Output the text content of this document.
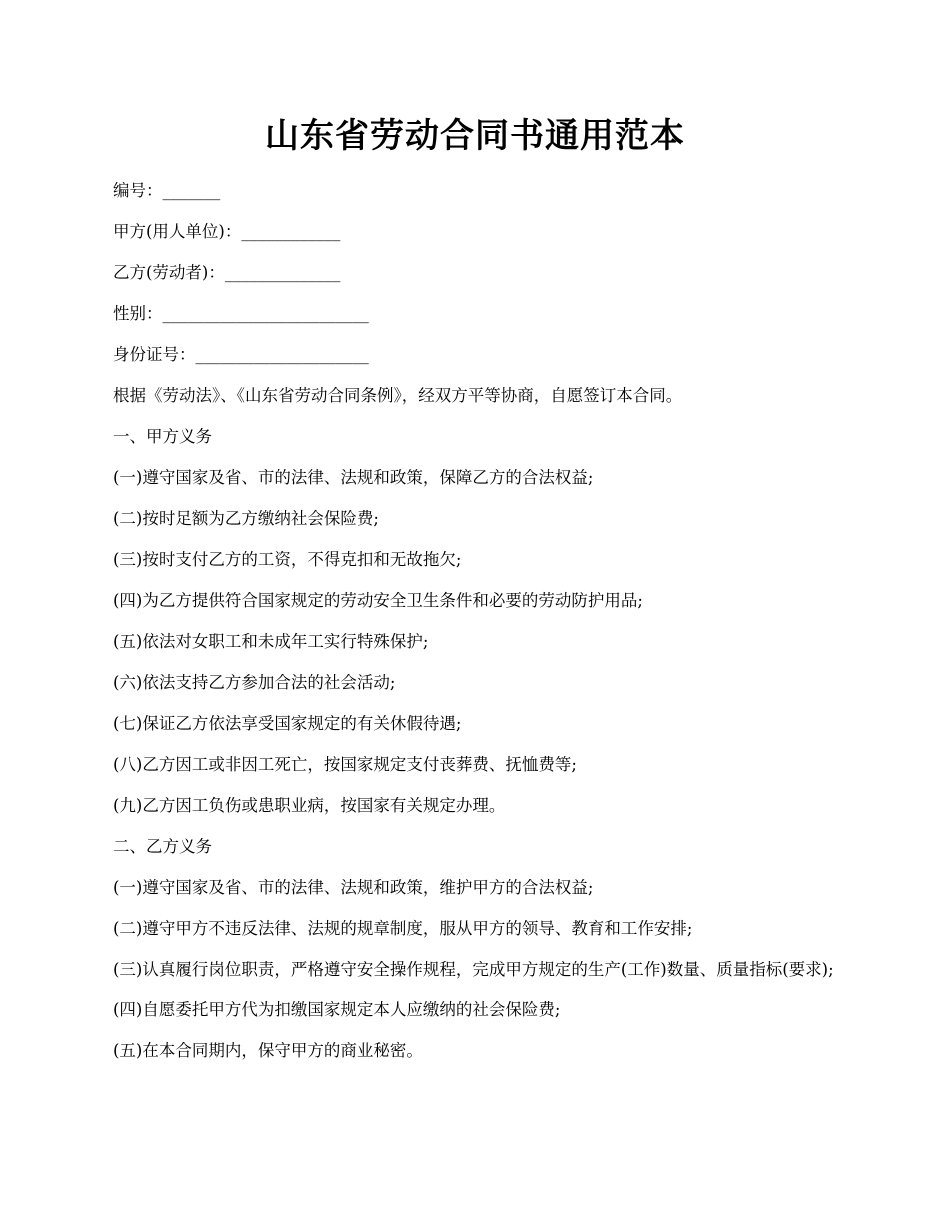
山东省劳动合同书通用范本

编号： _______

甲方(用人单位)： ____________

乙方(劳动者)： ______________

性别： _________________________

身份证号： _____________________

根据《劳动法》、《山东省劳动合同条例》，经双方平等协商，自愿签订本合同。

一、甲方义务

(一)遵守国家及省、市的法律、法规和政策，保障乙方的合法权益;

(二)按时足额为乙方缴纳社会保险费;

(三)按时支付乙方的工资，不得克扣和无故拖欠;

(四)为乙方提供符合国家规定的劳动安全卫生条件和必要的劳动防护用品;

(五)依法对女职工和未成年工实行特殊保护;

(六)依法支持乙方参加合法的社会活动;

(七)保证乙方依法享受国家规定的有关休假待遇;

(八)乙方因工或非因工死亡，按国家规定支付丧葬费、抚恤费等;

(九)乙方因工负伤或患职业病，按国家有关规定办理。

二、乙方义务

(一)遵守国家及省、市的法律、法规和政策，维护甲方的合法权益;

(二)遵守甲方不违反法律、法规的规章制度，服从甲方的领导、教育和工作安排;

(三)认真履行岗位职责，严格遵守安全操作规程，完成甲方规定的生产(工作)数量、质量指标(要求);

(四)自愿委托甲方代为扣缴国家规定本人应缴纳的社会保险费;

(五)在本合同期内，保守甲方的商业秘密。
